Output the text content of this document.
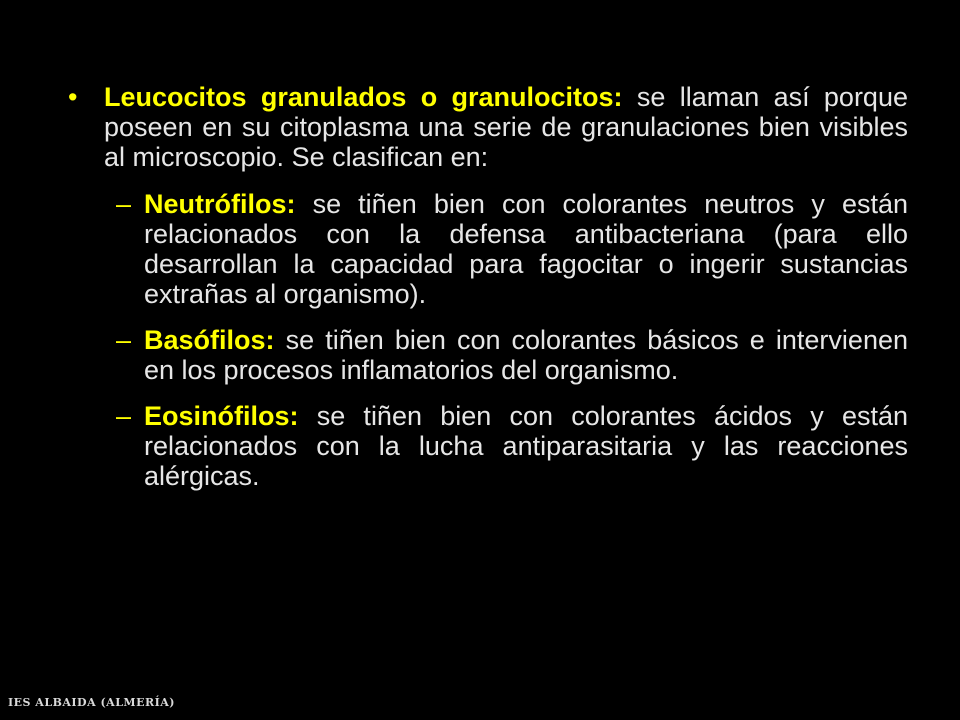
• Leucocitos granulados o granulocitos: se llaman así porque poseen en su citoplasma una serie de granulaciones bien visibles al microscopio. Se clasifican en:
– Neutrófilos: se tiñen bien con colorantes neutros y están relacionados con la defensa antibacteriana (para ello desarrollan la capacidad para fagocitar o ingerir sustancias extrañas al organismo).
– Basófilos: se tiñen bien con colorantes básicos e intervienen en los procesos inflamatorios del organismo.
– Eosinófilos: se tiñen bien con colorantes ácidos y están relacionados con la lucha antiparasitaria y las reacciones alérgicas.
IES ALBAIDA (ALMERÍA)
